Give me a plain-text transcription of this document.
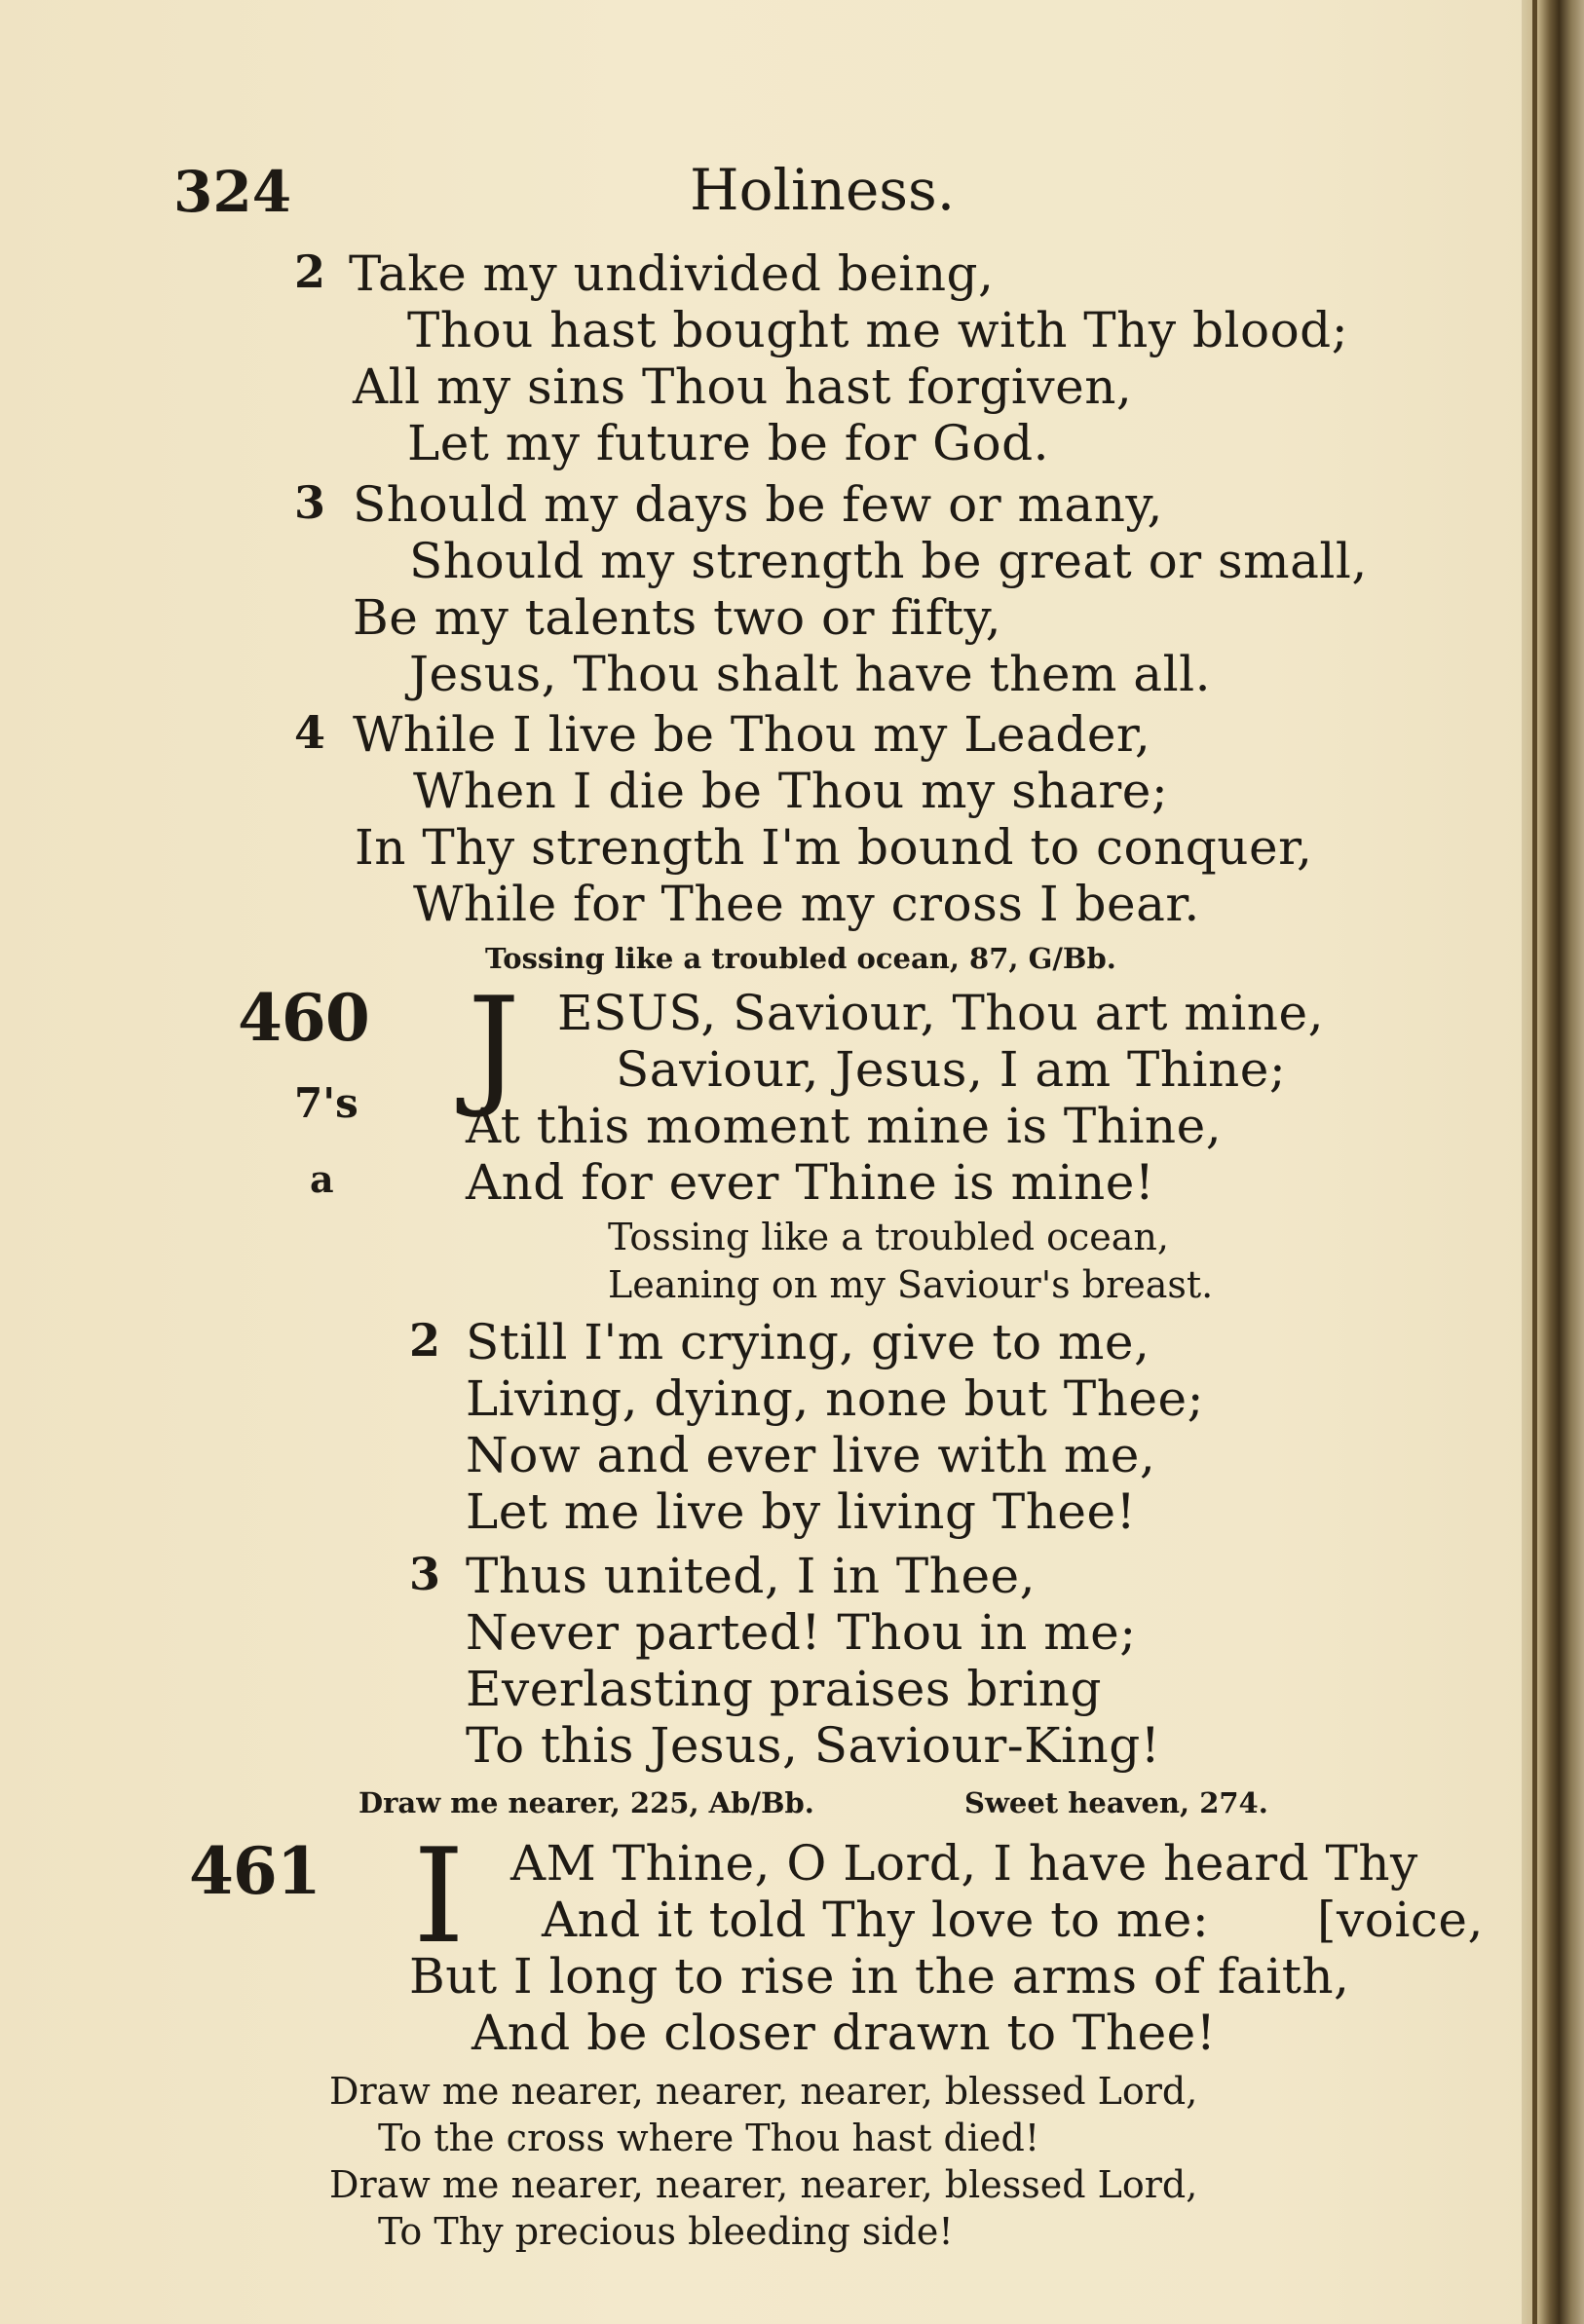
324	Holiness.
2 Take my undivided being,
Thou hast bought me with Thy blood;
All my sins Thou hast forgiven,
Let my future be for God.
3 Should my days be few or many,
Should my strength be great or small,
Be my talents two or fifty,
Jesus, Thou shalt have them all.
4 While I live be Thou my Leader,
When I die be Thou my share;
In Thy strength I'm bound to conquer,
While for Thee my cross I bear.
Tossing like a troubled ocean, 87, G/Bb.
460
7's
a
J ESUS, Saviour, Thou art mine,
Saviour, Jesus, I am Thine;
At this moment mine is Thine,
And for ever Thine is mine!
Tossing like a troubled ocean,
Leaning on my Saviour's breast.
2 Still I'm crying, give to me,
Living, dying, none but Thee;
Now and ever live with me,
Let me live by living Thee!
3 Thus united, I in Thee,
Never parted! Thou in me;
Everlasting praises bring
To this Jesus, Saviour-King!
Draw me nearer, 225, Ab/Bb.	Sweet heaven, 274.
461 I AM Thine, O Lord, I have heard Thy
And it told Thy love to me: [voice,
But I long to rise in the arms of faith,
And be closer drawn to Thee!
Draw me nearer, nearer, nearer, blessed Lord,
To the cross where Thou hast died!
Draw me nearer, nearer, nearer, blessed Lord,
To Thy precious bleeding side!
